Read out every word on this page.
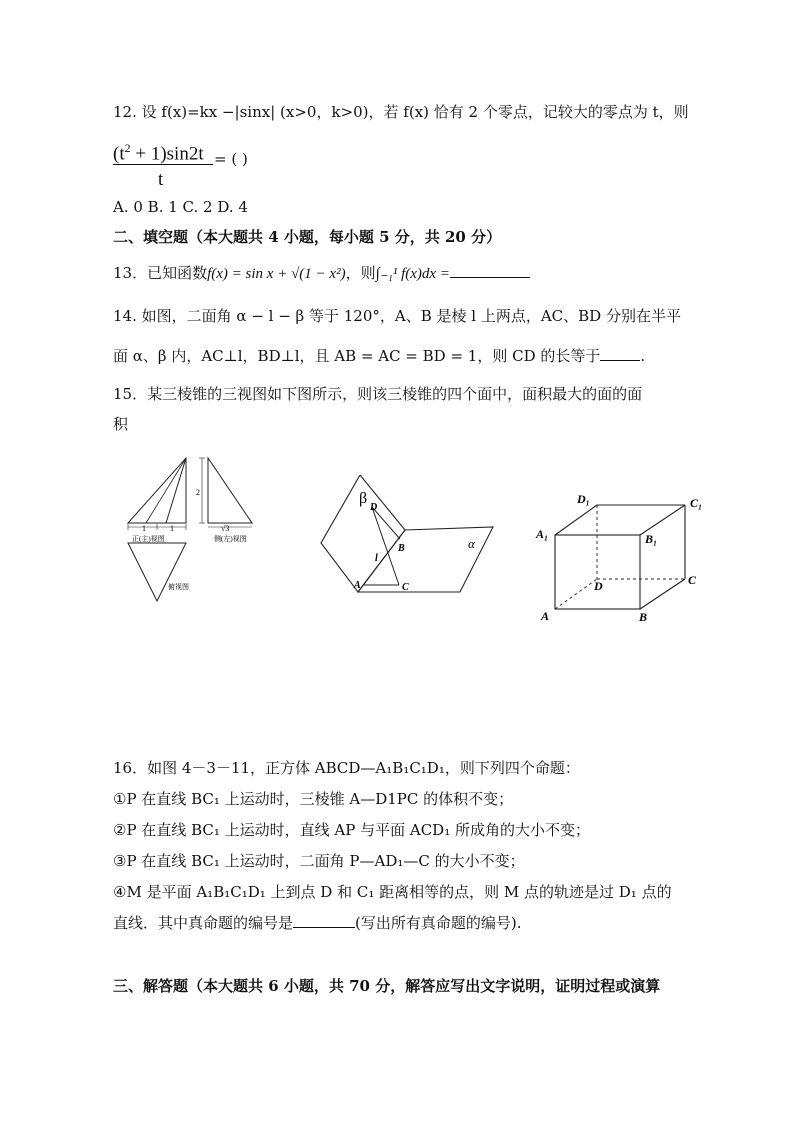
12. 设 f(x)=kx −|sinx| (x>0，k>0)，若 f(x) 恰有 2 个零点，记较大的零点为 t，则
$(t^2 + 1)\sin 2t$
t
= ( )
A. 0 B. 1 C. 2 D. 4
二、填空题（本大题共 4 小题，每小题 5 分，共 20 分）
13．已知函数f(x) = sin x + √(1 − x²)，则∫₋₁¹ f(x)dx =
14. 如图，二面角 α − l − β 等于 120°，A、B 是棱 l 上两点，AC、BD 分别在半平
面 α、β 内，AC⊥l，BD⊥l，且 AB = AC = BD = 1，则 CD 的长等于	.
15．某三棱锥的三视图如下图所示，则该三棱锥的四个面中，面积最大的面的面
积
1	1
正(主)视图
2
√3
侧(左)视图
俯视图
β
D
B
l
α
A	C
D₁	C₁
A₁	B₁
D	C
A	B
16．如图 4－3－11，正方体 ABCD—A₁B₁C₁D₁，则下列四个命题：
①P 在直线 BC₁ 上运动时，三棱锥 A—D1PC 的体积不变；
②P 在直线 BC₁ 上运动时，直线 AP 与平面 ACD₁ 所成角的大小不变；
③P 在直线 BC₁ 上运动时，二面角 P—AD₁—C 的大小不变；
④M 是平面 A₁B₁C₁D₁ 上到点 D 和 C₁ 距离相等的点，则 M 点的轨迹是过 D₁ 点的
直线．其中真命题的编号是	(写出所有真命题的编号).
三、解答题（本大题共 6 小题，共 70 分，解答应写出文字说明，证明过程或演算
